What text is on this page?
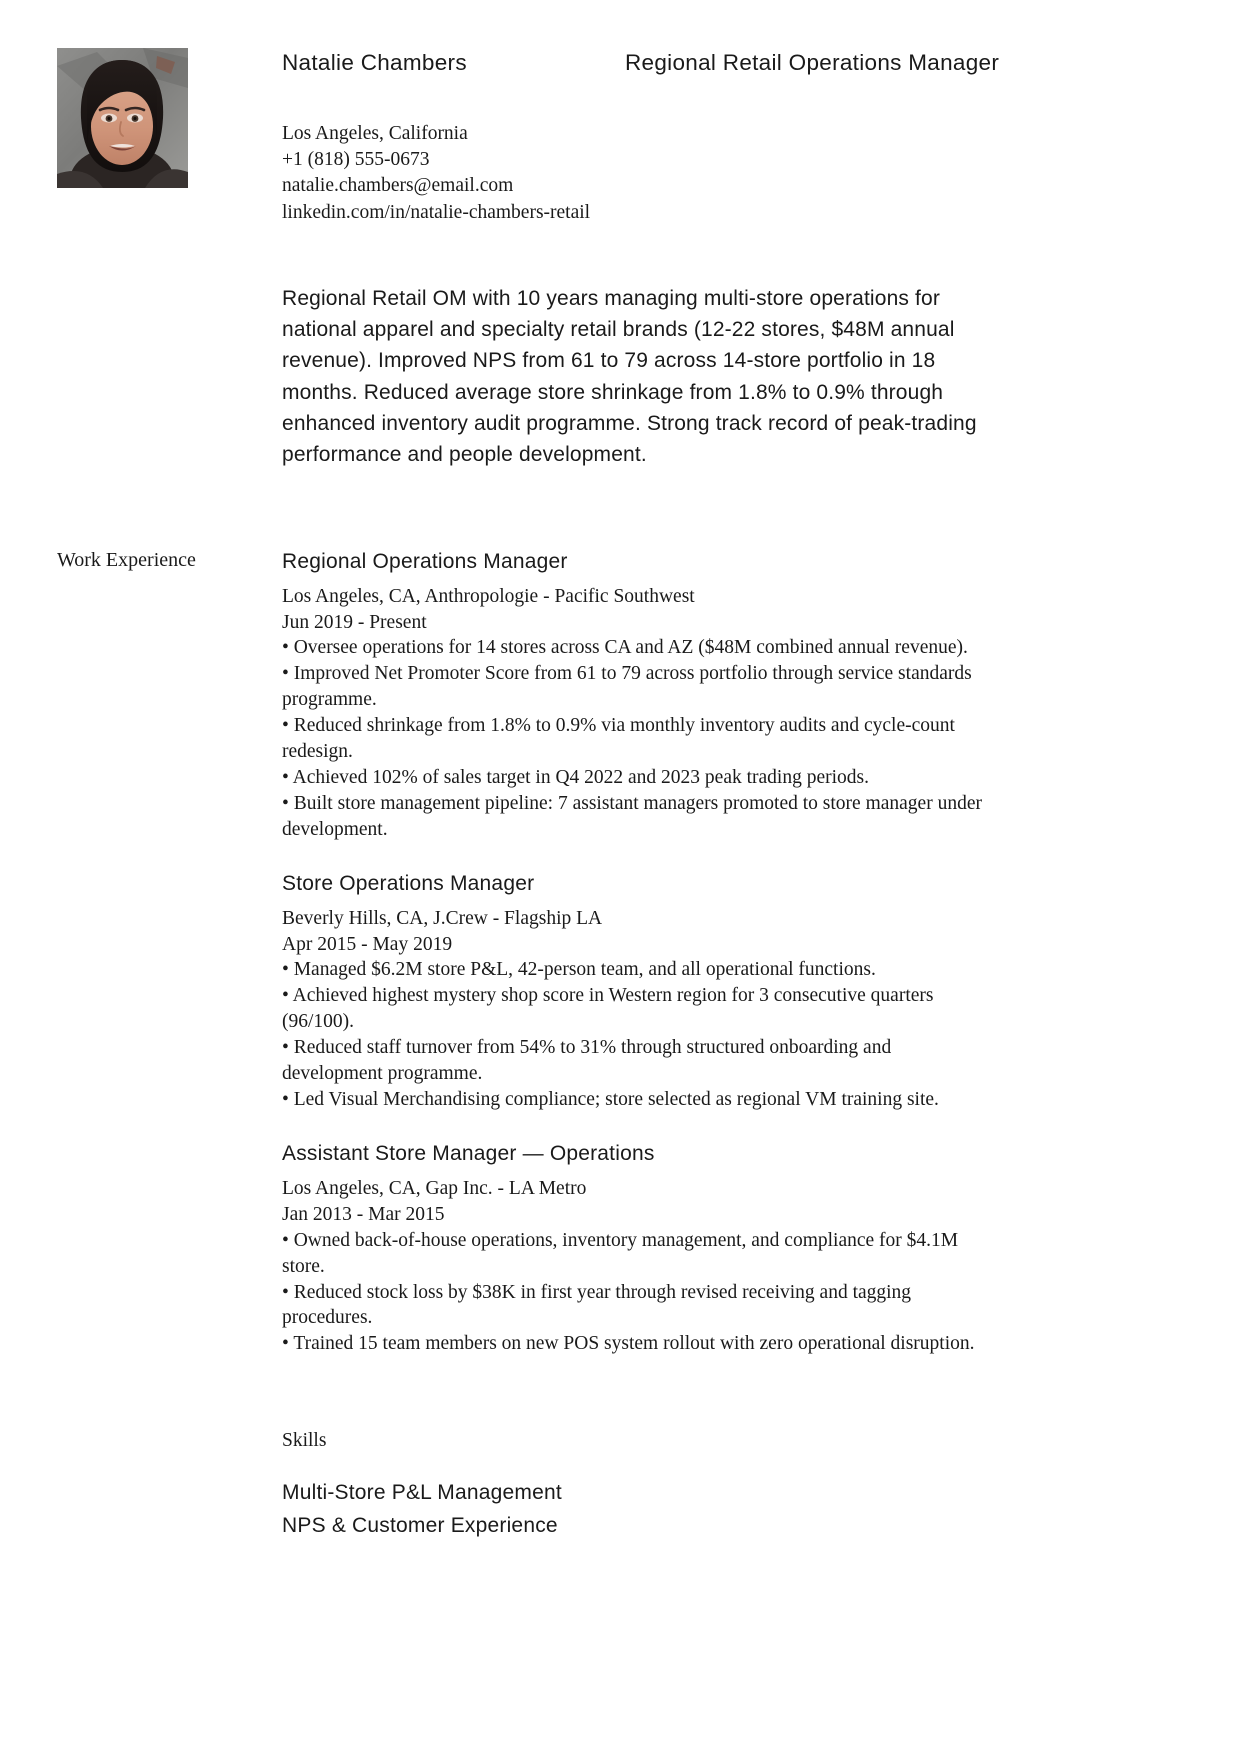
Natalie Chambers	Regional Retail Operations Manager
Los Angeles, California
+1 (818) 555-0673
natalie.chambers@email.com
linkedin.com/in/natalie-chambers-retail
Regional Retail OM with 10 years managing multi-store operations for national apparel and specialty retail brands (12-22 stores, $48M annual revenue). Improved NPS from 61 to 79 across 14-store portfolio in 18 months. Reduced average store shrinkage from 1.8% to 0.9% through enhanced inventory audit programme. Strong track record of peak-trading performance and people development.
Work Experience	Regional Operations Manager
Los Angeles, CA, Anthropologie - Pacific Southwest
Jun 2019 - Present

• Oversee operations for 14 stores across CA and AZ ($48M combined annual revenue).

• Improved Net Promoter Score from 61 to 79 across portfolio through service standards programme.

• Reduced shrinkage from 1.8% to 0.9% via monthly inventory audits and cycle-count redesign.

• Achieved 102% of sales target in Q4 2022 and 2023 peak trading periods.

• Built store management pipeline: 7 assistant managers promoted to store manager under development.

Store Operations Manager
Beverly Hills, CA, J.Crew - Flagship LA
Apr 2015 - May 2019

• Managed $6.2M store P&L, 42-person team, and all operational functions.

• Achieved highest mystery shop score in Western region for 3 consecutive quarters (96/100).

• Reduced staff turnover from 54% to 31% through structured onboarding and development programme.

• Led Visual Merchandising compliance; store selected as regional VM training site.

Assistant Store Manager — Operations
Los Angeles, CA, Gap Inc. - LA Metro
Jan 2013 - Mar 2015

• Owned back-of-house operations, inventory management, and compliance for $4.1M store.

• Reduced stock loss by $38K in first year through revised receiving and tagging procedures.

• Trained 15 team members on new POS system rollout with zero operational disruption.

Skills
Multi-Store P&L Management
NPS & Customer Experience
